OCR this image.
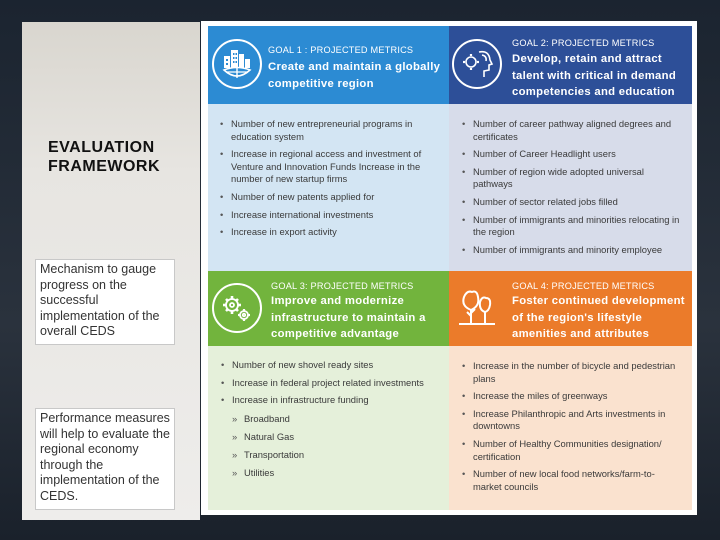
EVALUATION FRAMEWORK
Mechanism to gauge progress on the successful implementation of the overall CEDS
Performance measures will help to evaluate the regional economy through the implementation of the CEDS.
GOAL 1 : PROJECTED METRICS
Create and maintain a globally competitive region
GOAL 2: PROJECTED METRICS
Develop, retain and attract talent with critical in demand competencies and education
• Number of new entrepreneurial programs in education system
• Increase in regional access and investment of Venture and Innovation Funds Increase in the number of new startup firms
• Number of new patents applied for
• Increase international investments
• Increase in export activity
• Number of career pathway aligned degrees and certificates
• Number of Career Headlight users
• Number of region wide adopted universal pathways
• Number of sector related jobs filled
• Number of immigrants and minorities relocating in the region
• Number of immigrants and minority employee
GOAL 3: PROJECTED METRICS
Improve and modernize infrastructure to maintain a competitive advantage
GOAL 4: PROJECTED METRICS
Foster continued development of the region's lifestyle amenities and attributes
• Number of new shovel ready sites
• Increase in federal project related investments
• Increase in infrastructure funding
» Broadband
» Natural Gas
» Transportation
» Utilities
• Increase in the number of bicycle and pedestrian plans
• Increase the miles of greenways
• Increase Philanthropic and Arts investments in downtowns
• Number of Healthy Communities designation/ certification
• Number of new local food networks/farm-to-market councils
